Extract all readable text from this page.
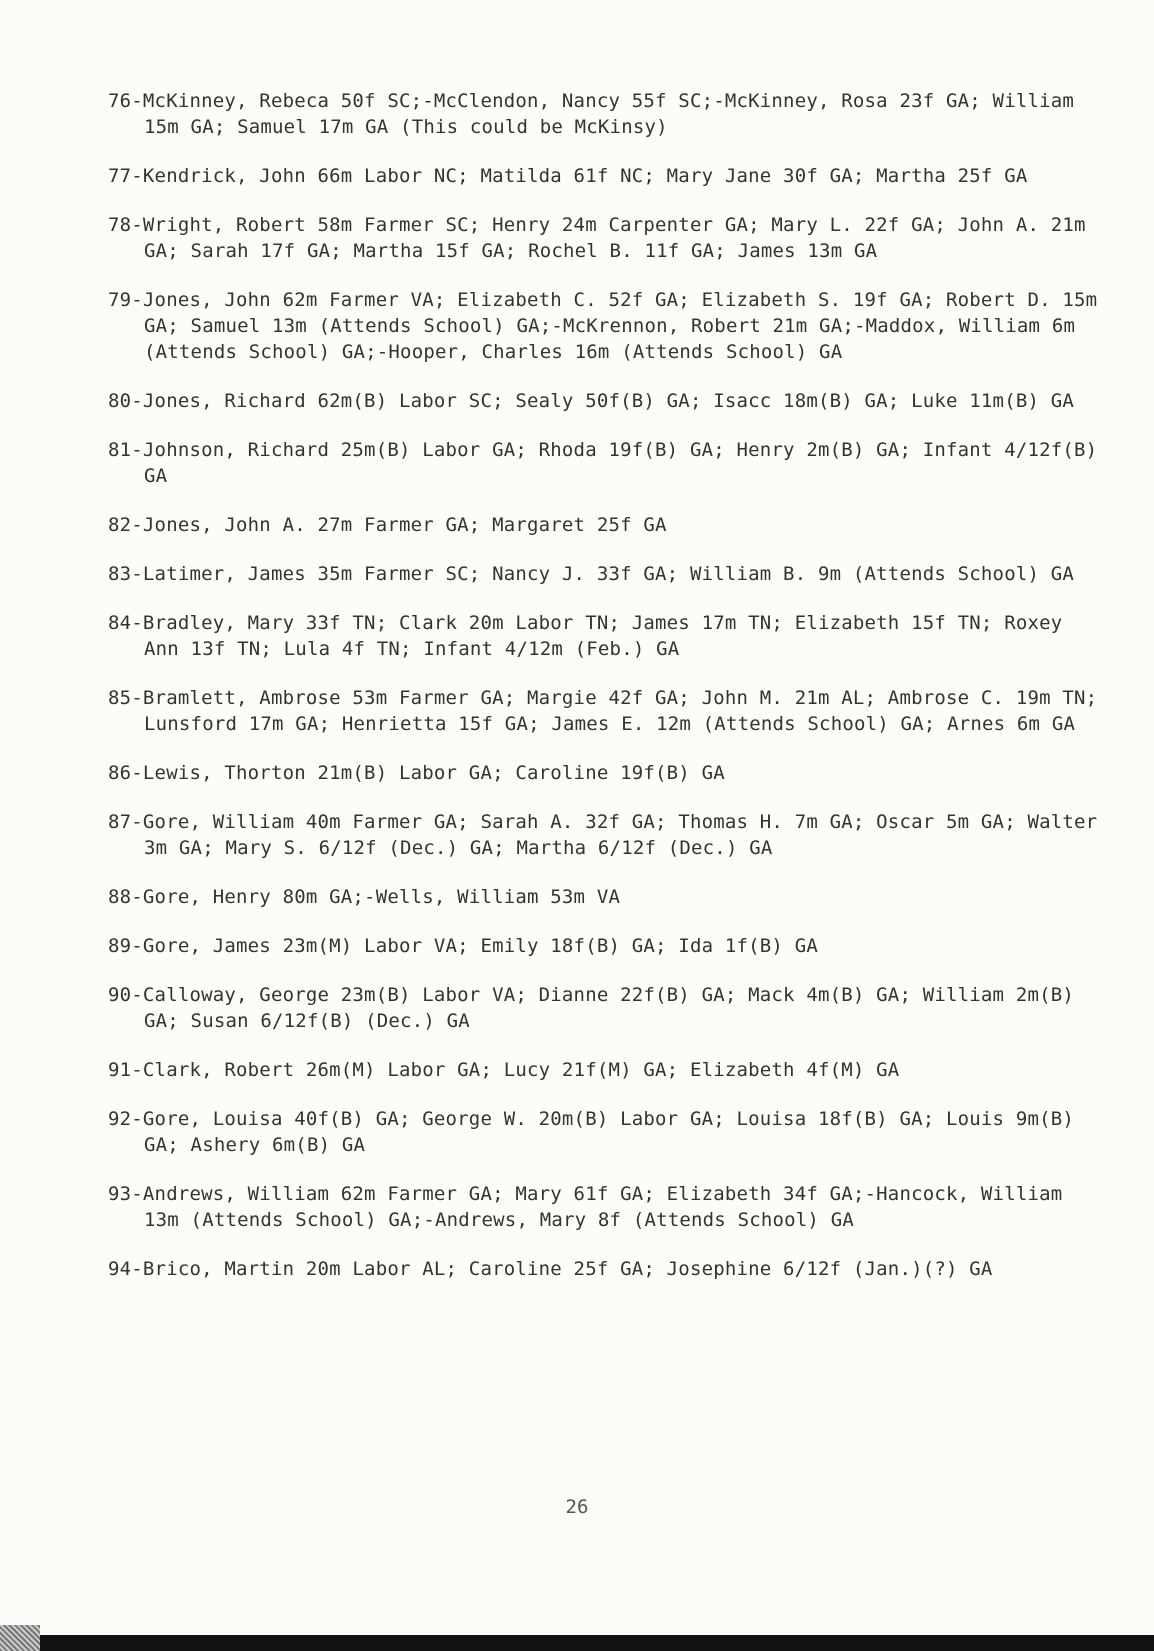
76-McKinney, Rebeca 50f SC;-McClendon, Nancy 55f SC;-McKinney, Rosa 23f GA; William 15m GA; Samuel 17m GA (This could be McKinsy)
77-Kendrick, John 66m Labor NC; Matilda 61f NC; Mary Jane 30f GA; Martha 25f GA
78-Wright, Robert 58m Farmer SC; Henry 24m Carpenter GA; Mary L. 22f GA; John A. 21m GA; Sarah 17f GA; Martha 15f GA; Rochel B. 11f GA; James 13m GA
79-Jones, John 62m Farmer VA; Elizabeth C. 52f GA; Elizabeth S. 19f GA; Robert D. 15m GA; Samuel 13m (Attends School) GA;-McKrennon, Robert 21m GA;-Maddox, William 6m (Attends School) GA;-Hooper, Charles 16m (Attends School) GA
80-Jones, Richard 62m(B) Labor SC; Sealy 50f(B) GA; Isacc 18m(B) GA; Luke 11m(B) GA
81-Johnson, Richard 25m(B) Labor GA; Rhoda 19f(B) GA; Henry 2m(B) GA; Infant 4/12f(B) GA
82-Jones, John A. 27m Farmer GA; Margaret 25f GA
83-Latimer, James 35m Farmer SC; Nancy J. 33f GA; William B. 9m (Attends School) GA
84-Bradley, Mary 33f TN; Clark 20m Labor TN; James 17m TN; Elizabeth 15f TN; Roxey Ann 13f TN; Lula 4f TN; Infant 4/12m (Feb.) GA
85-Bramlett, Ambrose 53m Farmer GA; Margie 42f GA; John M. 21m AL; Ambrose C. 19m TN; Lunsford 17m GA; Henrietta 15f GA; James E. 12m (Attends School) GA; Arnes 6m GA
86-Lewis, Thorton 21m(B) Labor GA; Caroline 19f(B) GA
87-Gore, William 40m Farmer GA; Sarah A. 32f GA; Thomas H. 7m GA; Oscar 5m GA; Walter 3m GA; Mary S. 6/12f (Dec.) GA; Martha 6/12f (Dec.) GA
88-Gore, Henry 80m GA;-Wells, William 53m VA
89-Gore, James 23m(M) Labor VA; Emily 18f(B) GA; Ida 1f(B) GA
90-Calloway, George 23m(B) Labor VA; Dianne 22f(B) GA; Mack 4m(B) GA; William 2m(B) GA; Susan 6/12f(B) (Dec.) GA
91-Clark, Robert 26m(M) Labor GA; Lucy 21f(M) GA; Elizabeth 4f(M) GA
92-Gore, Louisa 40f(B) GA; George W. 20m(B) Labor GA; Louisa 18f(B) GA; Louis 9m(B) GA; Ashery 6m(B) GA
93-Andrews, William 62m Farmer GA; Mary 61f GA; Elizabeth 34f GA;-Hancock, William 13m (Attends School) GA;-Andrews, Mary 8f (Attends School) GA
94-Brico, Martin 20m Labor AL; Caroline 25f GA; Josephine 6/12f (Jan.)(?) GA
26
